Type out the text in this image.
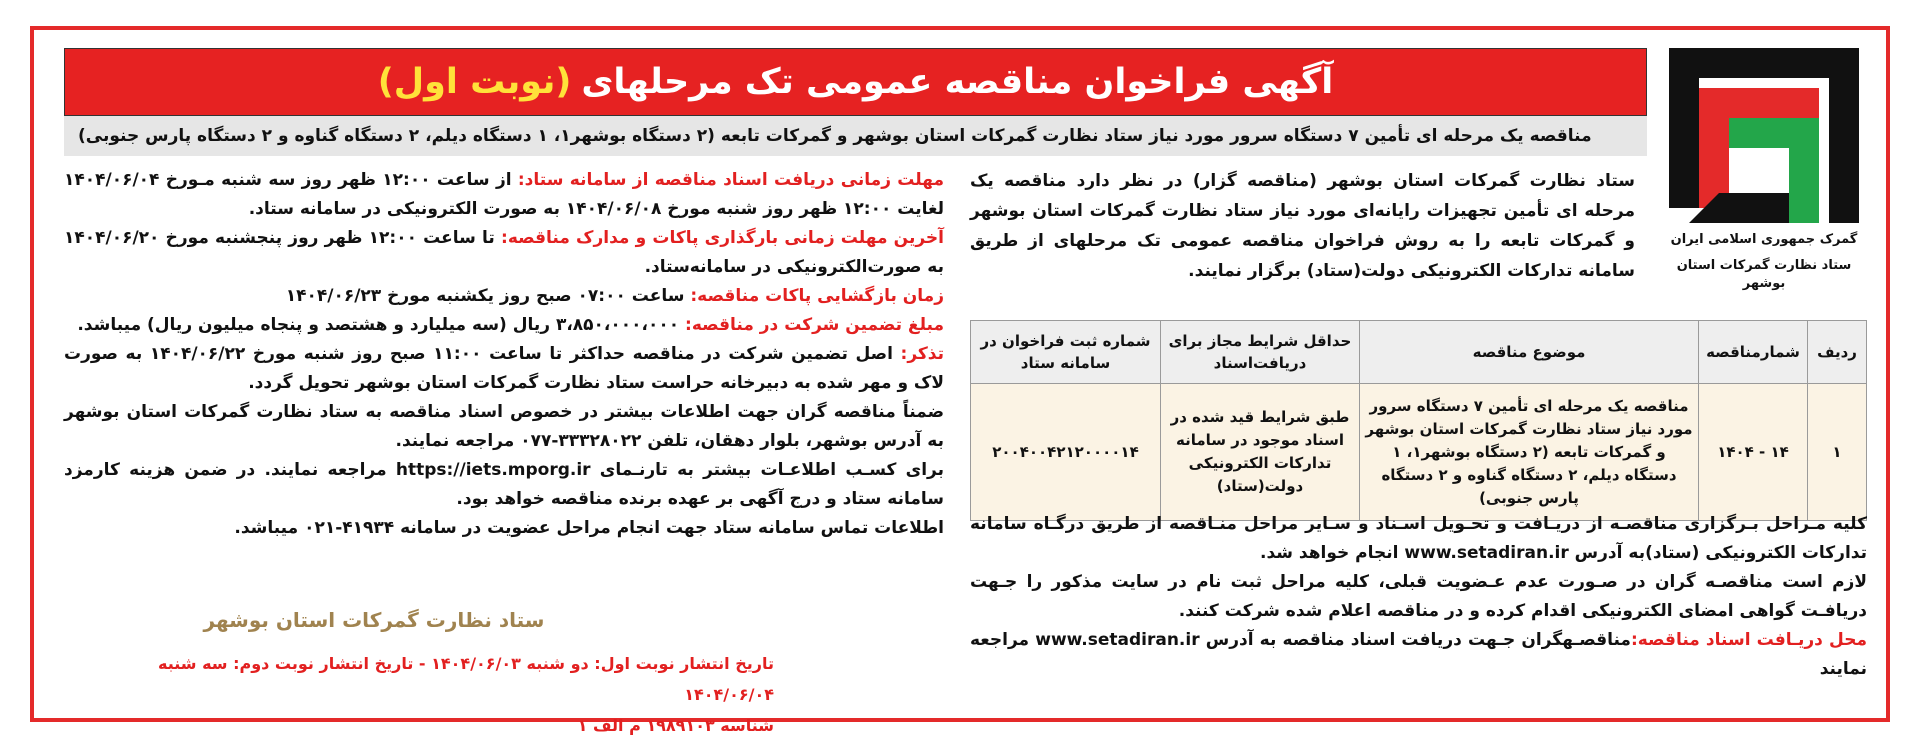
آگهی فراخوان مناقصه عمومی تک مرحلهای
(نوبت اول)
مناقصه یک مرحله ای تأمین ۷ دستگاه سرور مورد نیاز ستاد نظارت گمرکات استان بوشهر و گمرکات تابعه (۲ دستگاه بوشهر۱، ۱ دستگاه دیلم، ۲ دستگاه گناوه و ۲ دستگاه پارس جنوبی)
گمرک جمهوری اسلامی ایران
ستاد نظارت گمرکات استان بوشهر
ستاد نظارت گمرکات استان بوشهر (مناقصه گزار) در نظر دارد مناقصه یک مرحله ای تأمین تجهیزات رایانه‌ای مورد نیاز ستاد نظارت گمرکات استان بوشهر و گمرکات تابعه را به روش فراخوان مناقصه عمومی تک مرحلهای از طریق سامانه تدارکات الکترونیکی دولت(ستاد) برگزار نمایند.
ردیف	شمارمناقصه	موضوع مناقصه	حداقل شرایط مجاز برای دریافت‌اسناد	شماره ثبت فراخوان در سامانه ستاد
۱	۱۴ - ۱۴۰۴	مناقصه یک مرحله ای تأمین ۷ دستگاه سرور مورد نیاز ستاد نظارت گمرکات استان بوشهر و گمرکات تابعه (۲ دستگاه بوشهر۱، ۱ دستگاه دیلم، ۲ دستگاه گناوه و ۲ دستگاه پارس جنوبی)	طبق شرایط قید شده در اسناد موجود در سامانه تدارکات الکترونیکی دولت(ستاد)	۲۰۰۴۰۰۴۲۱۲۰۰۰۰۱۴

کلیه مـراحل بـرگزاری مناقصـه از دریـافت و تحـویل اسـناد و سـایر مراحل منـاقصه از طریق درگـاه سامانه تدارکات الکترونیکی (ستاد)به آدرس www.setadiran.ir انجام خواهد شد.

لازم است مناقصـه گران در صـورت عدم عـضویت قبلی، کلیه مراحل ثبت نام در سایت مذکور را جـهت دریافـت گواهی امضای الکترونیکی اقدام کرده و در مناقصه اعلام شده شرکت کنند.

محل دریـافت اسناد مناقصه:مناقصـهگران جـهت دریافت اسناد مناقصه به آدرس www.setadiran.ir مراجعه نمایند

مهلت زمانی دریافت اسناد مناقصه از سامانه ستاد: از ساعت ۱۲:۰۰ ظهر روز سه شنبه مـورخ ۱۴۰۴/۰۶/۰۴ لغایت ۱۲:۰۰ ظهر روز شنبه مورخ ۱۴۰۴/۰۶/۰۸ به صورت الکترونیکی در سامانه ستاد.

آخرین مهلت زمانی بارگذاری پاکات و مدارک مناقصه: تا ساعت ۱۲:۰۰ ظهر روز پنجشنبه مورخ ۱۴۰۴/۰۶/۲۰ به صورت‌الکترونیکی در سامانه‌ستاد.

زمان بازگشایی پاکات مناقصه: ساعت ۰۷:۰۰ صبح روز یکشنبه مورخ ۱۴۰۴/۰۶/۲۳

مبلغ تضمین شرکت در مناقصه: ۳،۸۵۰،۰۰۰،۰۰۰ ریال (سه میلیارد و هشتصد و پنجاه میلیون ریال) میباشد.

تذکر: اصل تضمین شرکت در مناقصه حداکثر تا ساعت ۱۱:۰۰ صبح روز شنبه مورخ ۱۴۰۴/۰۶/۲۲ به صورت لاک و مهر شده به دبیرخانه حراست ستاد نظارت گمرکات استان بوشهر تحویل گردد.

ضمناً مناقصه گران جهت اطلاعات بیشتر در خصوص اسناد مناقصه به ستاد نظارت گمرکات استان بوشهر به آدرس بوشهر، بلوار دهقان، تلفن ۳۳۳۲۸۰۲۲-۰۷۷ مراجعه نمایند.

برای کسـب اطلاعـات بیشتر به تارنـمای https://iets.mporg.ir مراجعه نمایند. در ضمن هزینه کارمزد سامانه ستاد و درج آگهی بر عهده برنده مناقصه خواهد بود.

اطلاعات تماس سامانه ستاد جهت انجام مراحل عضویت در سامانه ۴۱۹۳۴-۰۲۱ میباشد.

ستاد نظارت گمرکات استان بوشهر

تاریخ انتشار نوبت اول: دو شنبه ۱۴۰۴/۰۶/۰۳ - تاریخ انتشار نوبت دوم: سه شنبه ۱۴۰۴/۰۶/۰۴

شناسه ۱۹۸۹۱۰۳ م الف ۱
